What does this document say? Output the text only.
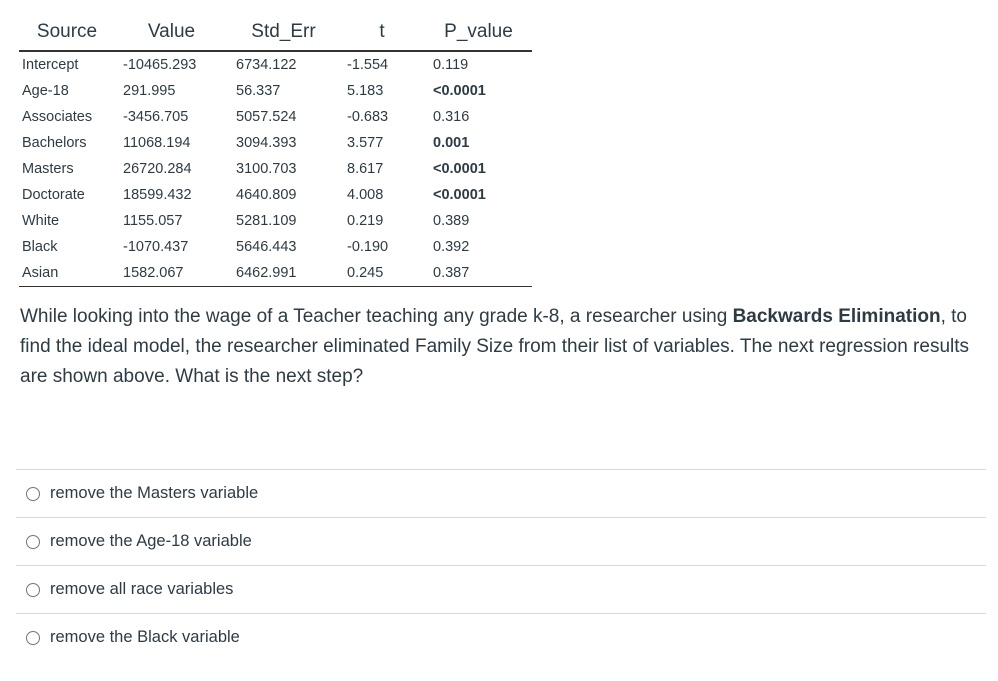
Source	Value	Std_Err	t	P_value
Intercept	-10465.293	6734.122	-1.554	0.119
Age-18	291.995	56.337	5.183	<0.0001
Associates	-3456.705	5057.524	-0.683	0.316
Bachelors	11068.194	3094.393	3.577	0.001
Masters	26720.284	3100.703	8.617	<0.0001
Doctorate	18599.432	4640.809	4.008	<0.0001
White	1155.057	5281.109	0.219	0.389
Black	-1070.437	5646.443	-0.190	0.392
Asian	1582.067	6462.991	0.245	0.387
While looking into the wage of a Teacher teaching any grade k-8, a researcher using Backwards Elimination, to find the ideal model, the researcher eliminated Family Size from their list of variables. The next regression results are shown above. What is the next step?
remove the Masters variable
remove the Age-18 variable
remove all race variables
remove the Black variable
